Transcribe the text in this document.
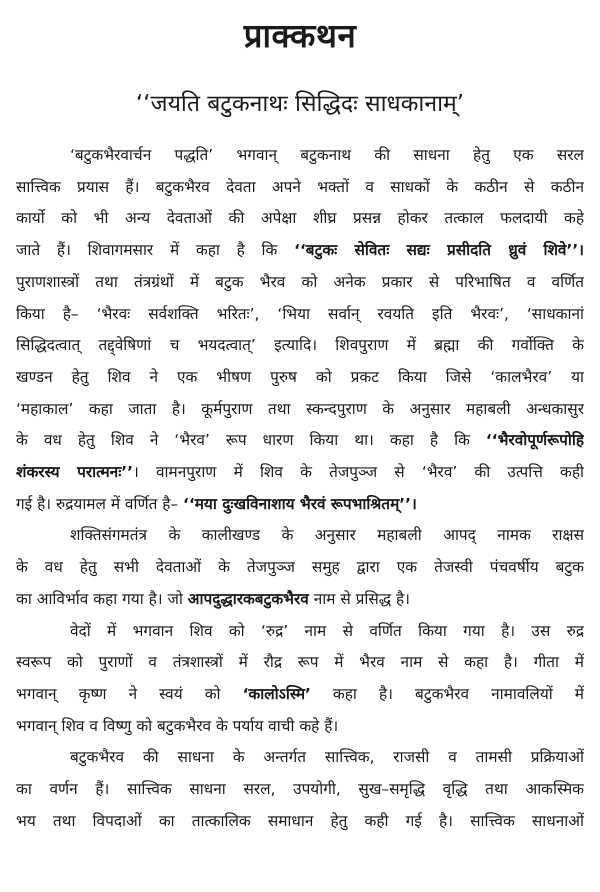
प्राक्कथन
‘‘जयति बटुकनाथः सिद्धिदः साधकानाम्’
‘बटुकभैरवार्चन पद्धति’ भगवान् बटुकनाथ की साधना हेतु एक सरल
सात्त्विक प्रयास हैं। बटुकभैरव देवता अपने भक्तों व साधकों के कठीन से कठीन
कार्यो को भी अन्य देवताओं की अपेक्षा शीघ्र प्रसन्न होकर तत्काल फलदायी कहे
जाते हैं। शिवागमसार में कहा है कि ‘‘बटुकः सेवितः सद्यः प्रसीदति ध्रुवं शिवे’’।
पुराणशास्त्रों तथा तंत्रग्रंथों में बटुक भैरव को अनेक प्रकार से परिभाषित व वर्णित
किया है– ‘भैरवः सर्वशक्ति भरितः’, ‘भिया सर्वान् रवयति इति भैरवः’, ‘साधकानां
सिद्धिदत्वात् तद्द्वेषिणां च भयदत्वात्’ इत्यादि। शिवपुराण में ब्रह्मा की गर्वोक्ति के
खण्डन हेतु शिव ने एक भीषण पुरुष को प्रकट किया जिसे ‘कालभैरव’ या
‘महाकाल’ कहा जाता है। कूर्मपुराण तथा स्कन्दपुराण के अनुसार महाबली अन्धकासुर
के वध हेतु शिव ने ‘भैरव’ रूप धारण किया था। कहा है कि ‘‘भैरवोपूर्णरूपोहि
शंकरस्य परात्मनः’’। वामनपुराण में शिव के तेजपुञ्ज से ‘भैरव’ की उत्पत्ति कही
गई है। रुद्रयामल में वर्णित है– ‘‘मया दुःखविनाशाय भैरवं रूपभाश्रितम्’’।
शक्तिसंगमतंत्र के कालीखण्ड के अनुसार महाबली आपद् नामक राक्षस
के वध हेतु सभी देवताओं के तेजपुञ्ज समुह द्वारा एक तेजस्वी पंचवर्षीय बटुक
का आविर्भाव कहा गया है। जो आपदुद्धारकबटुकभैरव नाम से प्रसिद्ध है।
वेदों में भगवान शिव को ‘रुद्र’ नाम से वर्णित किया गया है। उस रुद्र
स्वरूप को पुराणों व तंत्रशास्त्रों में रौद्र रूप में भैरव नाम से कहा है। गीता में
भगवान् कृष्ण ने स्वयं को ‘कालोऽस्मि’ कहा है। बटुकभैरव नामावलियों में
भगवान् शिव व विष्णु को बटुकभैरव के पर्याय वाची कहे हैं।
बटुकभैरव की साधना के अन्तर्गत सात्त्विक, राजसी व तामसी प्रक्रियाओं
का वर्णन हैं। सात्त्विक साधना सरल, उपयोगी, सुख–समृद्धि वृद्धि तथा आकस्मिक
भय तथा विपदाओं का तात्कालिक समाधान हेतु कही गई है। सात्त्विक साधनाओं
